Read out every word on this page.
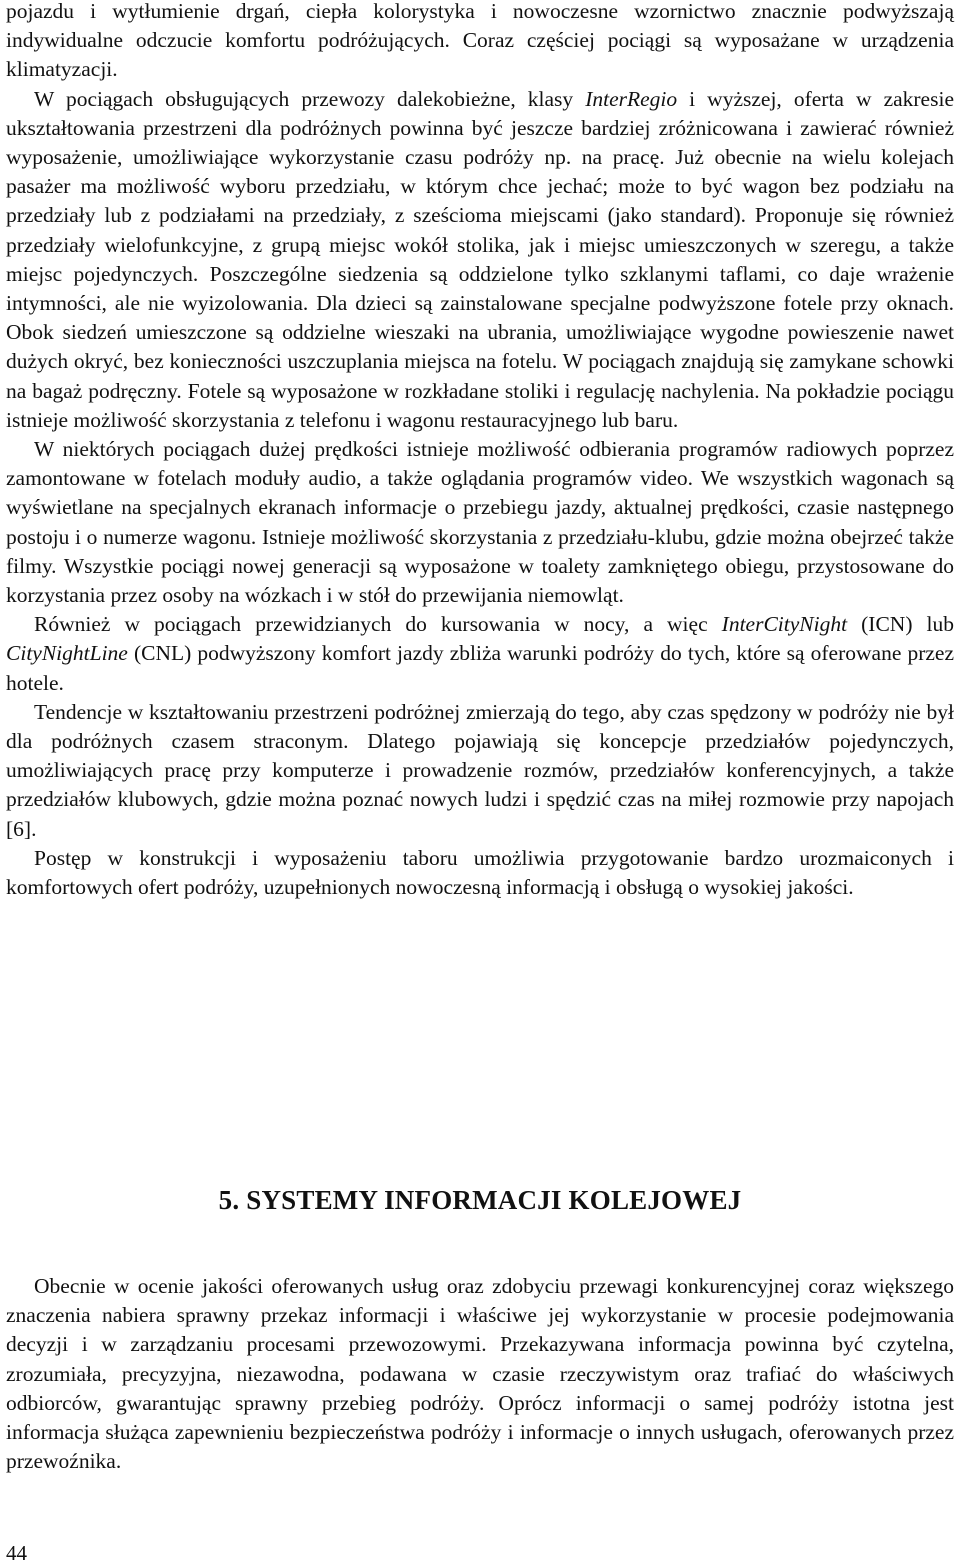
pojazdu i wytłumienie drgań, ciepła kolorystyka i nowoczesne wzornictwo znacznie podwyższają indywidualne odczucie komfortu podróżujących. Coraz częściej pociągi są wyposażane w urządzenia klimatyzacji.

W pociągach obsługujących przewozy dalekobieżne, klasy InterRegio i wyższej, oferta w zakresie ukształtowania przestrzeni dla podróżnych powinna być jeszcze bardziej zróżnicowana i zawierać również wyposażenie, umożliwiające wykorzystanie czasu podróży np. na pracę. Już obecnie na wielu kolejach pasażer ma możliwość wyboru przedziału, w którym chce jechać; może to być wagon bez podziału na przedziały lub z podziałami na przedziały, z sześcioma miejscami (jako standard). Proponuje się również przedziały wielofunkcyjne, z grupą miejsc wokół stolika, jak i miejsc umieszczonych w szeregu, a także miejsc pojedynczych. Poszczególne siedzenia są oddzielone tylko szklanymi taflami, co daje wrażenie intymności, ale nie wyizolowania. Dla dzieci są zainstalowane specjalne podwyższone fotele przy oknach. Obok siedzeń umieszczone są oddzielne wieszaki na ubrania, umożliwiające wygodne powieszenie nawet dużych okryć, bez konieczności uszczuplania miejsca na fotelu. W pociągach znajdują się zamykane schowki na bagaż podręczny. Fotele są wyposażone w rozkładane stoliki i regulację nachylenia. Na pokładzie pociągu istnieje możliwość skorzystania z telefonu i wagonu restauracyjnego lub baru.

W niektórych pociągach dużej prędkości istnieje możliwość odbierania programów radiowych poprzez zamontowane w fotelach moduły audio, a także oglądania programów video. We wszystkich wagonach są wyświetlane na specjalnych ekranach informacje o przebiegu jazdy, aktualnej prędkości, czasie następnego postoju i o numerze wagonu. Istnieje możliwość skorzystania z przedziału-klubu, gdzie można obejrzeć także filmy. Wszystkie pociągi nowej generacji są wyposażone w toalety zamkniętego obiegu, przystosowane do korzystania przez osoby na wózkach i w stół do przewijania niemowląt.

Również w pociągach przewidzianych do kursowania w nocy, a więc InterCityNight (ICN) lub CityNightLine (CNL) podwyższony komfort jazdy zbliża warunki podróży do tych, które są oferowane przez hotele.

Tendencje w kształtowaniu przestrzeni podróżnej zmierzają do tego, aby czas spędzony w podróży nie był dla podróżnych czasem straconym. Dlatego pojawiają się koncepcje przedziałów pojedynczych, umożliwiających pracę przy komputerze i prowadzenie rozmów, przedziałów konferencyjnych, a także przedziałów klubowych, gdzie można poznać nowych ludzi i spędzić czas na miłej rozmowie przy napojach [6].

Postęp w konstrukcji i wyposażeniu taboru umożliwia przygotowanie bardzo urozmaiconych i komfortowych ofert podróży, uzupełnionych nowoczesną informacją i obsługą o wysokiej jakości.

5. SYSTEMY INFORMACJI KOLEJOWEJ

Obecnie w ocenie jakości oferowanych usług oraz zdobyciu przewagi konkurencyjnej coraz większego znaczenia nabiera sprawny przekaz informacji i właściwe jej wykorzystanie w procesie podejmowania decyzji i w zarządzaniu procesami przewozowymi. Przekazywana informacja powinna być czytelna, zrozumiała, precyzyjna, niezawodna, podawana w czasie rzeczywistym oraz trafiać do właściwych odbiorców, gwarantując sprawny przebieg podróży. Oprócz informacji o samej podróży istotna jest informacja służąca zapewnieniu bezpieczeństwa podróży i informacje o innych usługach, oferowanych przez przewoźnika.

44
